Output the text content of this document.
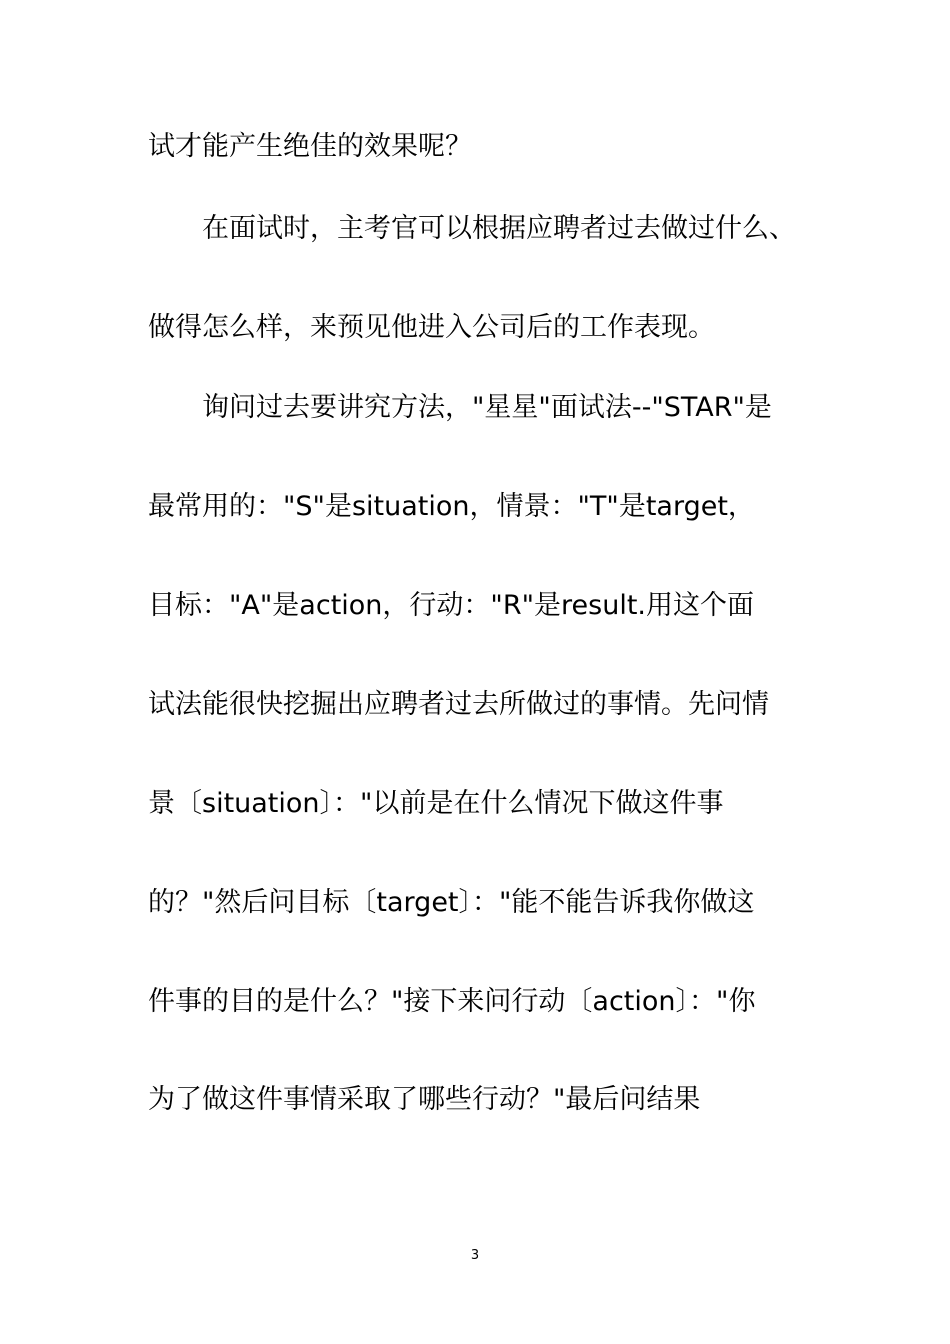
试才能产生绝佳的效果呢？
在面试时，主考官可以根据应聘者过去做过什么、
做得怎么样，来预见他进入公司后的工作表现。
询问过去要讲究方法，"星星"面试法--"STAR"是
最常用的："S"是situation，情景："T"是target，
目标："A"是action，行动："R"是result.用这个面
试法能很快挖掘出应聘者过去所做过的事情。先问情
景〔situation〕："以前是在什么情况下做这件事
的？"然后问目标〔target〕："能不能告诉我你做这
件事的目的是什么？"接下来问行动〔action〕："你
为了做这件事情采取了哪些行动？"最后问结果
3
